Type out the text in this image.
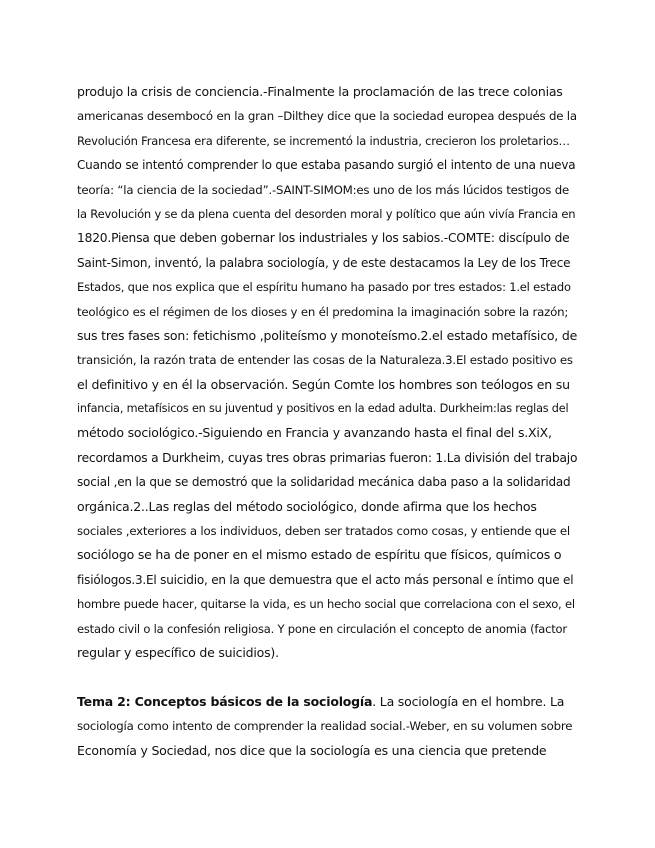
produjo la crisis de conciencia.-Finalmente la proclamación de las trece colonias
americanas desembocó en la gran –Dilthey dice que la sociedad europea después de la
Revolución Francesa era diferente, se incrementó la industria, crecieron los proletarios…
Cuando se intentó comprender lo que estaba pasando surgió el intento de una nueva
teoría: “la ciencia de la sociedad”.-SAINT-SIMOM:es uno de los más lúcidos testigos de
la Revolución y se da plena cuenta del desorden moral y político que aún vivía Francia en
1820.Piensa que deben gobernar los industriales y los sabios.-COMTE: discípulo de
Saint-Simon, inventó, la palabra sociología, y de este destacamos la Ley de los Trece
Estados, que nos explica que el espíritu humano ha pasado por tres estados: 1.el estado
teológico es el régimen de los dioses y en él predomina la imaginación sobre la razón;
sus tres fases son: fetichismo ,politeísmo y monoteísmo.2.el estado metafísico, de
transición, la razón trata de entender las cosas de la Naturaleza.3.El estado positivo es
el definitivo y en él la observación. Según Comte los hombres son teólogos en su
infancia, metafísicos en su juventud y positivos en la edad adulta. Durkheim:las reglas del
método sociológico.-Siguiendo en Francia y avanzando hasta el final del s.XiX,
recordamos a Durkheim, cuyas tres obras primarias fueron: 1.La división del trabajo
social ,en la que se demostró que la solidaridad mecánica daba paso a la solidaridad
orgánica.2..Las reglas del método sociológico, donde afirma que los hechos
sociales ,exteriores a los individuos, deben ser tratados como cosas, y entiende que el
sociólogo se ha de poner en el mismo estado de espíritu que físicos, químicos o
fisiólogos.3.El suicidio, en la que demuestra que el acto más personal e íntimo que el
hombre puede hacer, quitarse la vida, es un hecho social que correlaciona con el sexo, el
estado civil o la confesión religiosa. Y pone en circulación el concepto de anomia (factor
regular y específico de suicidios).
Tema 2: Conceptos básicos de la sociología. La sociología en el hombre. La
sociología como intento de comprender la realidad social.-Weber, en su volumen sobre
Economía y Sociedad, nos dice que la sociología es una ciencia que pretende
